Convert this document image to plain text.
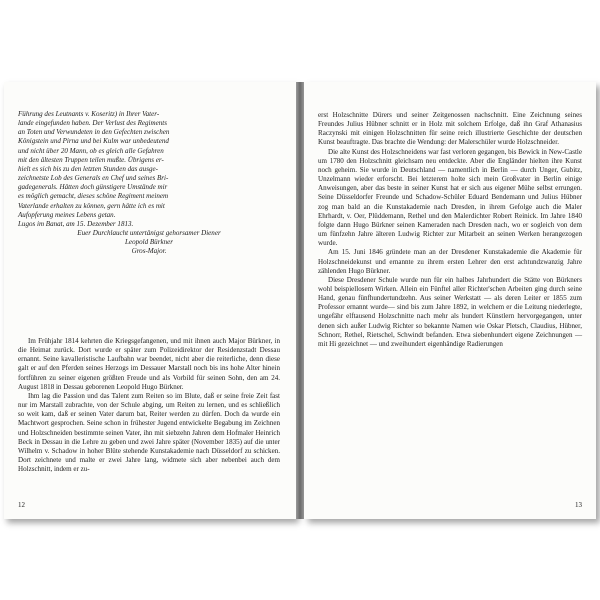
Führung des Leutnants v. Koseritz) in Ihrer Vater-

lande eingefunden haben. Der Verlust des Regiments

an Toten und Verwundeten in den Gefechten zwischen

Königstein und Pirna und bei Kulm war unbedeutend

und nicht über 20 Mann, ob es gleich alle Gefahren

mit den ältesten Truppen teilen mußte. Übrigens er-

hielt es sich bis zu den letzten Stunden das ausge-

zeichnetste Lob des Generals en Chef und seines Bri-

gadegenerals. Hätten doch günstigere Umstände mir

es möglich gemacht, dieses schöne Regiment meinem

Vaterlande erhalten zu können, gern hätte ich es mit

Aufopferung meines Lebens getan.

Lugos im Banat, am 15. Dezember 1813.

Euer Durchlaucht untertänigst gehorsamer Diener

Leopold Bürkner

Gros-Major.

Im Frühjahr 1814 kehrten die Kriegsgefangenen, und mit ihnen auch Major Bürkner, in die Heimat zurück. Dort wurde er später zum Polizeidirektor der Residenzstadt Dessau ernannt. Seine kavalleristische Laufbahn war beendet, nicht aber die reiterliche, denn diese galt er auf den Pferden seines Herzogs im Dessauer Marstall noch bis ins hohe Alter hinein fortführen zu seiner eigenen größten Freude und als Vorbild für seinen Sohn, den am 24. August 1818 in Dessau geborenen Leopold Hugo Bürkner.

Ihm lag die Passion und das Talent zum Reiten so im Blute, daß er seine freie Zeit fast nur im Marstall zubrachte, von der Schule abging, um Reiten zu lernen, und es schließlich so weit kam, daß er seinen Vater darum bat, Reiter werden zu dürfen. Doch da wurde ein Machtwort gesprochen. Seine schon in frühester Jugend entwickelte Begabung im Zeichnen und Holzschneiden bestimmte seinen Vater, ihn mit siebzehn Jahren dem Hofmaler Heinrich Beck in Dessau in die Lehre zu geben und zwei Jahre später (November 1835) auf die unter Wilhelm v. Schadow in hoher Blüte stehende Kunstakademie nach Düsseldorf zu schicken. Dort zeichnete und malte er zwei Jahre lang, widmete sich aber nebenbei auch dem Holzschnitt, indem er zu-

12

erst Holzschnitte Dürers und seiner Zeitgenossen nachschnitt. Eine Zeichnung seines Freundes Julius Hübner schnitt er in Holz mit solchem Erfolge, daß ihn Graf Athanasius Raczynski mit einigen Holzschnitten für seine reich illustrierte Geschichte der deutschen Kunst beauftragte. Das brachte die Wendung: der Malerschüler wurde Holzschneider.

Die alte Kunst des Holzschneidens war fast verloren gegangen, bis Bewick in New-Castle um 1780 den Holzschnitt gleichsam neu entdeckte. Aber die Engländer hielten ihre Kunst noch geheim. Sie wurde in Deutschland — namentlich in Berlin — durch Unger, Gubitz, Unzelmann wieder erforscht. Bei letzterem holte sich mein Großvater in Berlin einige Anweisungen, aber das beste in seiner Kunst hat er sich aus eigener Mühe selbst errungen. Seine Düsseldorfer Freunde und Schadow-Schüler Eduard Bendemann und Julius Hübner zog man bald an die Kunstakademie nach Dresden, in ihrem Gefolge auch die Maler Ehrhardt, v. Oer, Plüddemann, Rethel und den Malerdichter Robert Reinick. Im Jahre 1840 folgte dann Hugo Bürkner seinen Kameraden nach Dresden nach, wo er sogleich von dem um fünfzehn Jahre älteren Ludwig Richter zur Mitarbeit an seinen Werken herangezogen wurde.

Am 15. Juni 1846 gründete man an der Dresdener Kunstakademie die Akademie für Holzschneidekunst und ernannte zu ihrem ersten Lehrer den erst achtundzwanzig Jahre zählenden Hugo Bürkner.

Diese Dresdener Schule wurde nun für ein halbes Jahrhundert die Stätte von Bürkners wohl beispiellosem Wirken. Allein ein Fünftel aller Richter'schen Arbeiten ging durch seine Hand, genau fünfhundertundzehn. Aus seiner Werkstatt — als deren Leiter er 1855 zum Professor ernannt wurde— sind bis zum Jahre 1892, in welchem er die Leitung niederlegte, ungefähr elftausend Holzschnitte nach mehr als hundert Künstlern hervorgegangen, unter denen sich außer Ludwig Richter so bekannte Namen wie Oskar Pletsch, Claudius, Hübner, Schnorr, Rethel, Rietschel, Schwindt befanden. Etwa siebenhundert eigene Zeichnungen — mit Hi gezeichnet — und zweihundert eigenhändige Radierungen

13
